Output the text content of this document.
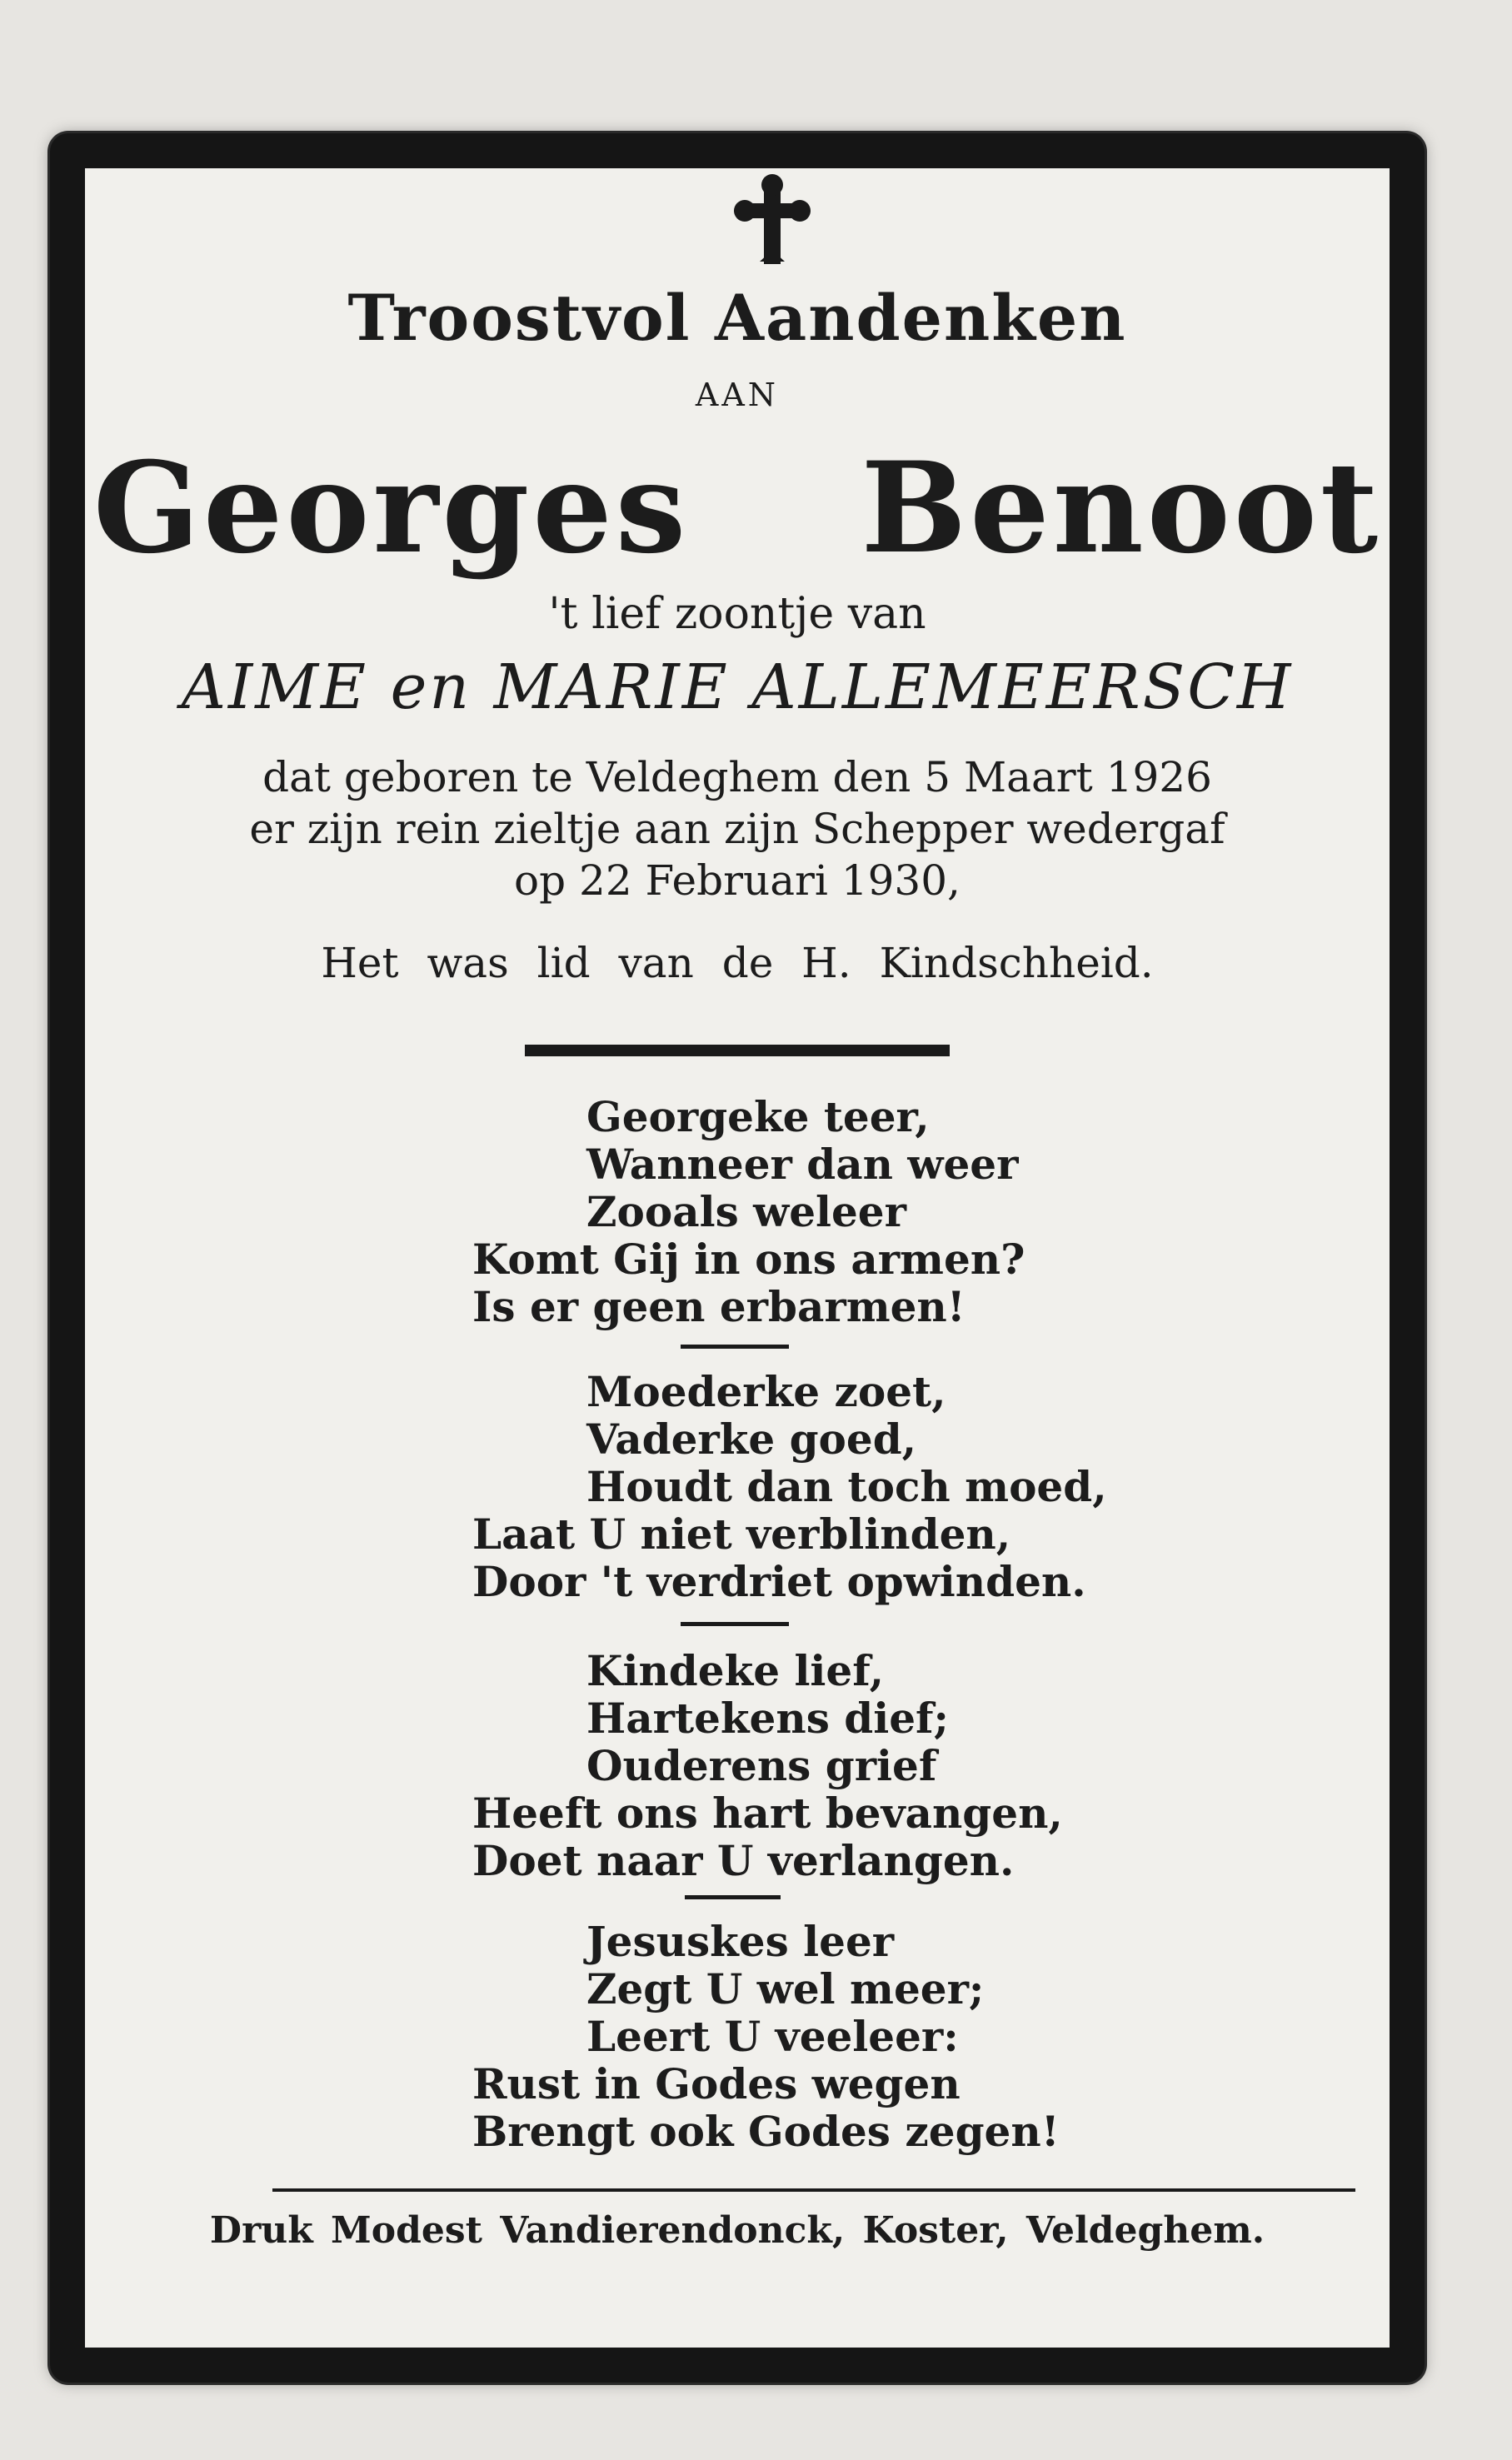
Troostvol Aandenken
AAN
Georges Benoot
't lief zoontje van
AIME en MARIE ALLEMEERSCH
dat geboren te Veldeghem den 5 Maart 1926
er zijn rein zieltje aan zijn Schepper wedergaf
op 22 Februari 1930,
Het was lid van de H. Kindschheid.
Georgeke teer,
Wanneer dan weer
Zooals weleer
Komt Gij in ons armen?
Is er geen erbarmen!
Moederke zoet,
Vaderke goed,
Houdt dan toch moed,
Laat U niet verblinden,
Door 't verdriet opwinden.
Kindeke lief,
Hartekens dief;
Ouderens grief
Heeft ons hart bevangen,
Doet naar U verlangen.
Jesuskes leer
Zegt U wel meer;
Leert U veeleer:
Rust in Godes wegen
Brengt ook Godes zegen!
Druk Modest Vandierendonck, Koster, Veldeghem.
